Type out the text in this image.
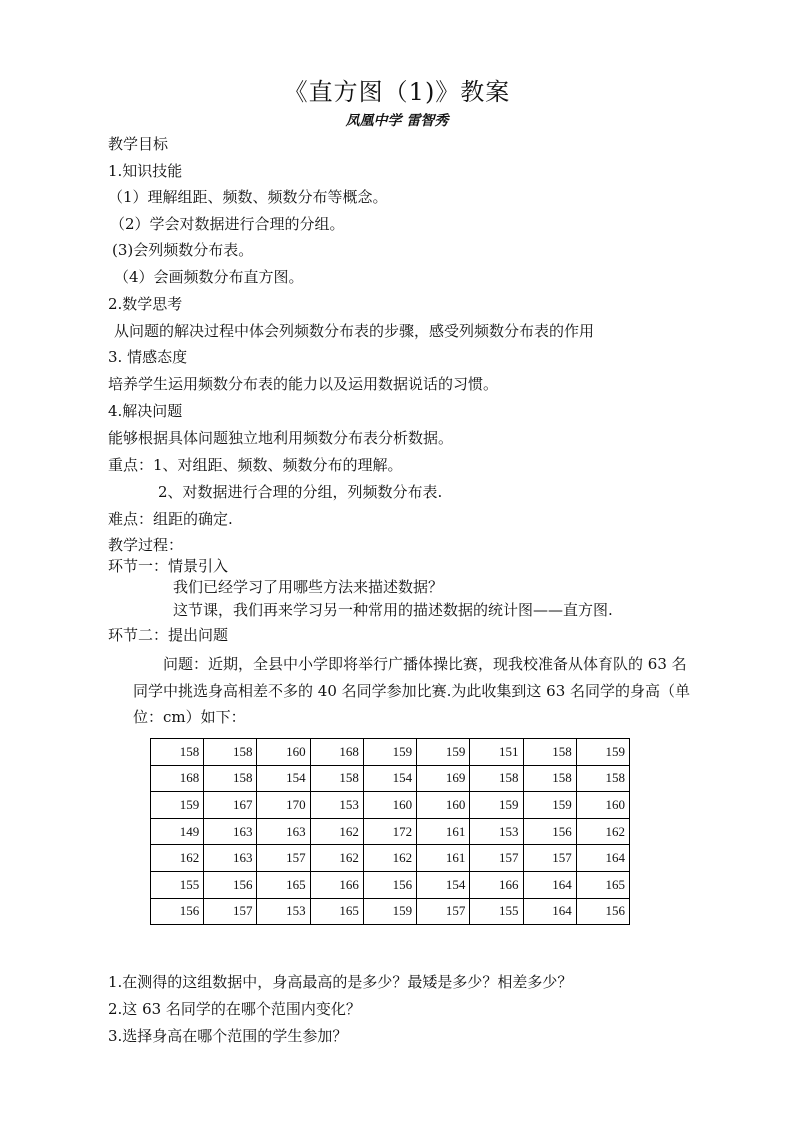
《直方图（1)》教案
凤凰中学 雷智秀
教学目标
1.知识技能
（1）理解组距、频数、频数分布等概念。
（2）学会对数据进行合理的分组。
(3)会列频数分布表。
（4）会画频数分布直方图。
2.数学思考
从问题的解决过程中体会列频数分布表的步骤，感受列频数分布表的作用
3. 情感态度
培养学生运用频数分布表的能力以及运用数据说话的习惯。
4.解决问题
能够根据具体问题独立地利用频数分布表分析数据。
重点：1、对组距、频数、频数分布的理解。
2、对数据进行合理的分组，列频数分布表.
难点：组距的确定.
教学过程：
环节一：情景引入
我们已经学习了用哪些方法来描述数据？
这节课，我们再来学习另一种常用的描述数据的统计图——直方图.
环节二：提出问题
问题：近期，全县中小学即将举行广播体操比赛，现我校准备从体育队的 63 名
同学中挑选身高相差不多的 40 名同学参加比赛.为此收集到这 63 名同学的身高（单
位：cm）如下：
158	158	160	168	159	159	151	158	159
168	158	154	158	154	169	158	158	158
159	167	170	153	160	160	159	159	160
149	163	163	162	172	161	153	156	162
162	163	157	162	162	161	157	157	164
155	156	165	166	156	154	166	164	165
156	157	153	165	159	157	155	164	156
1.在测得的这组数据中，身高最高的是多少？最矮是多少？相差多少？
2.这 63 名同学的在哪个范围内变化？
3.选择身高在哪个范围的学生参加？
